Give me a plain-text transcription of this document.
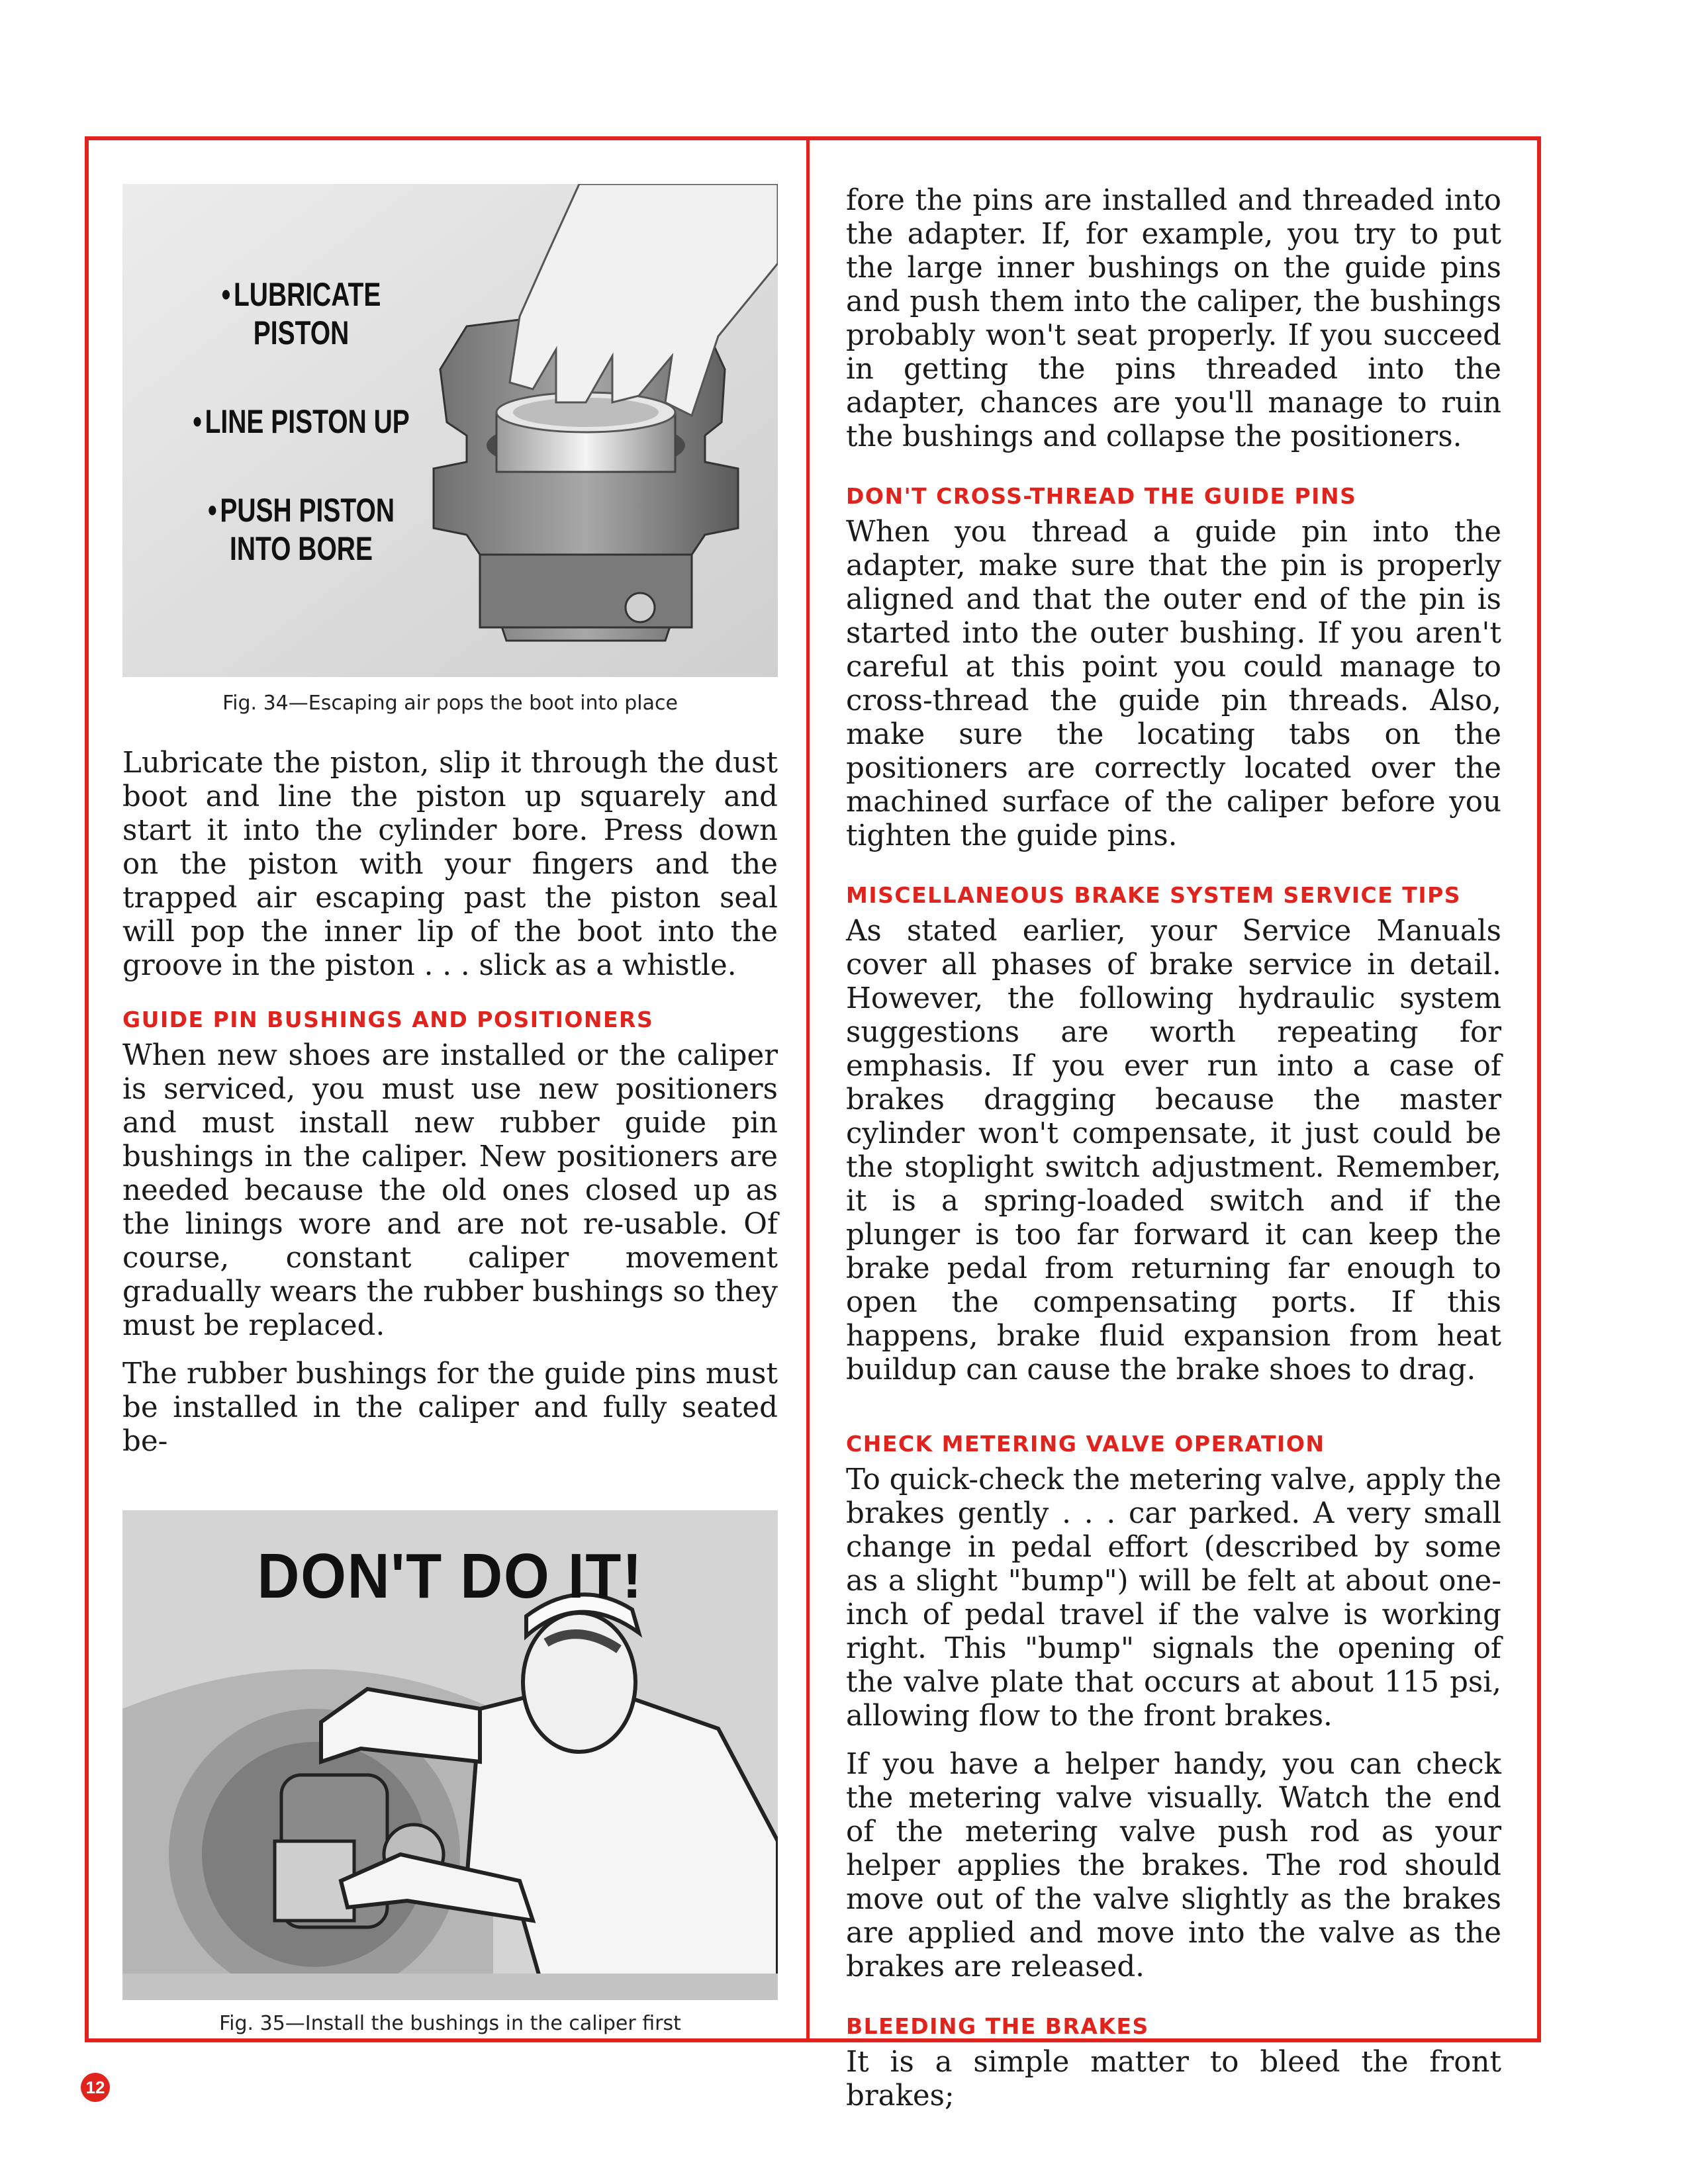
•LUBRICATE PISTON
•LINE PISTON UP
•PUSH PISTON INTO BORE

Fig. 34—Escaping air pops the boot into place

Lubricate the piston, slip it through the dust boot and line the piston up squarely and start it into the cylinder bore. Press down on the piston with your fingers and the trapped air escaping past the piston seal will pop the inner lip of the boot into the groove in the piston . . . slick as a whistle.

GUIDE PIN BUSHINGS AND POSITIONERS

When new shoes are installed or the caliper is serviced, you must use new positioners and must install new rubber guide pin bushings in the caliper. New positioners are needed because the old ones closed up as the linings wore and are not re-usable. Of course, constant caliper movement gradually wears the rubber bushings so they must be replaced.

The rubber bushings for the guide pins must be installed in the caliper and fully seated be-

DON'T DO IT!

Fig. 35—Install the bushings in the caliper first

fore the pins are installed and threaded into the adapter. If, for example, you try to put the large inner bushings on the guide pins and push them into the caliper, the bushings probably won't seat properly. If you succeed in getting the pins threaded into the adapter, chances are you'll manage to ruin the bushings and collapse the positioners.

DON'T CROSS-THREAD THE GUIDE PINS

When you thread a guide pin into the adapter, make sure that the pin is properly aligned and that the outer end of the pin is started into the outer bushing. If you aren't careful at this point you could manage to cross-thread the guide pin threads. Also, make sure the locating tabs on the positioners are correctly located over the machined surface of the caliper before you tighten the guide pins.

MISCELLANEOUS BRAKE SYSTEM SERVICE TIPS

As stated earlier, your Service Manuals cover all phases of brake service in detail. However, the following hydraulic system suggestions are worth repeating for emphasis. If you ever run into a case of brakes dragging because the master cylinder won't compensate, it just could be the stoplight switch adjustment. Remember, it is a spring-loaded switch and if the plunger is too far forward it can keep the brake pedal from returning far enough to open the compensating ports. If this happens, brake fluid expansion from heat buildup can cause the brake shoes to drag.

CHECK METERING VALVE OPERATION

To quick-check the metering valve, apply the brakes gently . . . car parked. A very small change in pedal effort (described by some as a slight "bump") will be felt at about one-inch of pedal travel if the valve is working right. This "bump" signals the opening of the valve plate that occurs at about 115 psi, allowing flow to the front brakes.

If you have a helper handy, you can check the metering valve visually. Watch the end of the metering valve push rod as your helper applies the brakes. The rod should move out of the valve slightly as the brakes are applied and move into the valve as the brakes are released.

BLEEDING THE BRAKES

It is a simple matter to bleed the front brakes;

12
